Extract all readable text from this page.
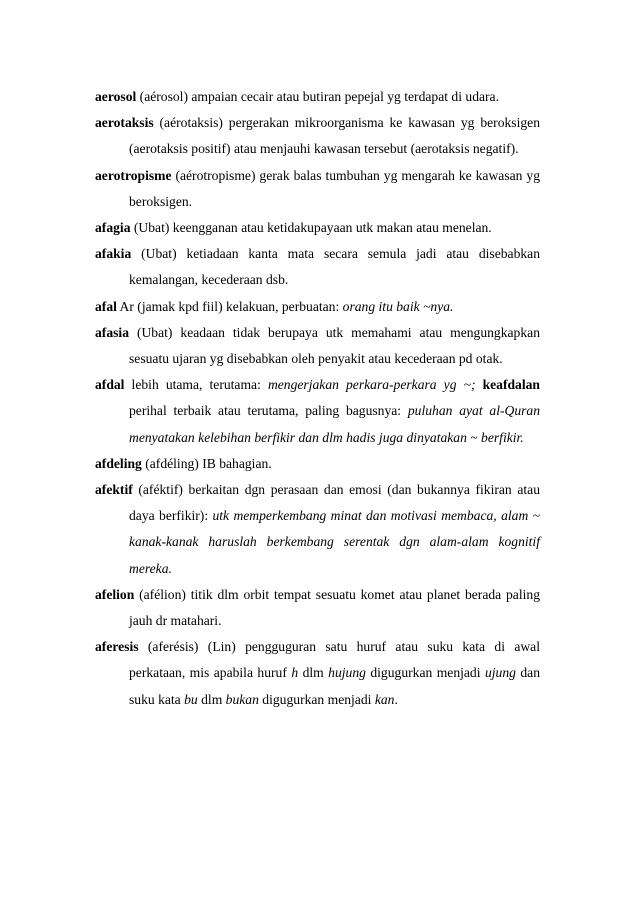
aerosol (aérosol) ampaian cecair atau butiran pepejal yg terdapat di udara.

aerotaksis (aérotaksis) pergerakan mikroorganisma ke kawasan yg beroksigen (aerotaksis positif) atau menjauhi kawasan tersebut (aerotaksis negatif).

aerotropisme (aérotropisme) gerak balas tumbuhan yg mengarah ke kawasan yg beroksigen.

afagia (Ubat) keengganan atau ketidakupayaan utk makan atau menelan.

afakia (Ubat) ketiadaan kanta mata secara semula jadi atau disebabkan kemalangan, kecederaan dsb.

afal Ar (jamak kpd fiil) kelakuan, perbuatan: orang itu baik ~nya.

afasia (Ubat) keadaan tidak berupaya utk memahami atau mengungkapkan sesuatu ujaran yg disebabkan oleh penyakit atau kecederaan pd otak.

afdal lebih utama, terutama: mengerjakan perkara-perkara yg ~; keafdalan perihal terbaik atau terutama, paling bagusnya: puluhan ayat al-Quran menyatakan kelebihan berfikir dan dlm hadis juga dinyatakan ~ berfikir.

afdeling (afdéling) IB bahagian.

afektif (aféktif) berkaitan dgn perasaan dan emosi (dan bukannya fikiran atau daya berfikir): utk memperkembang minat dan motivasi membaca, alam ~ kanak-kanak haruslah berkembang serentak dgn alam-alam kognitif mereka.

afelion (afélion) titik dlm orbit tempat sesuatu komet atau planet berada paling jauh dr matahari.

aferesis (aferésis) (Lin) pengguguran satu huruf atau suku kata di awal perkataan, mis apabila huruf h dlm hujung digugurkan menjadi ujung dan suku kata bu dlm bukan digugurkan menjadi kan.
